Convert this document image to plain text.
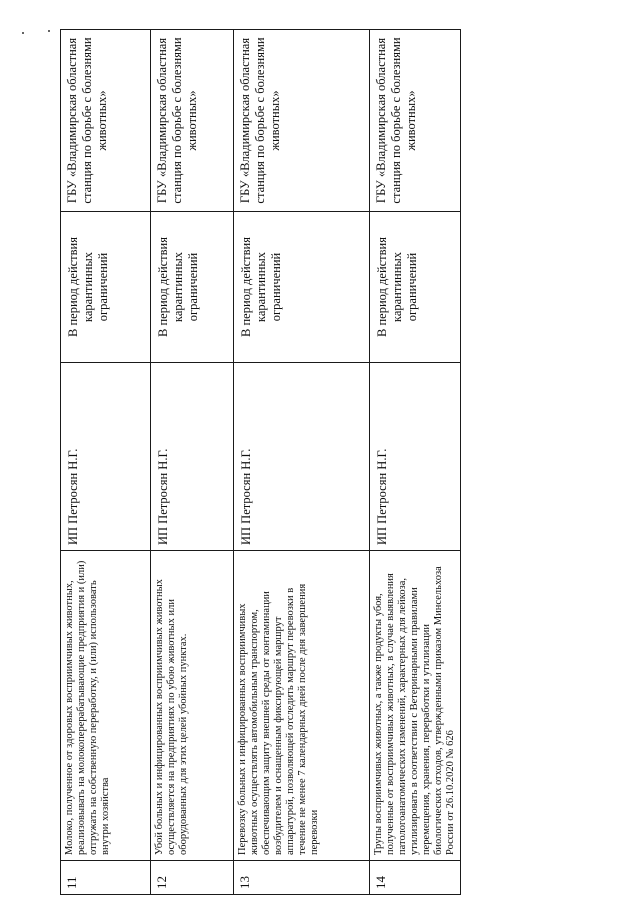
11	Молоко, полученное от здоровых восприимчивых животных, реализовывать на молокоперерабатывающие предприятия и (или) отгружать на собственную переработку, и (или) использовать внутри хозяйства	ИП Петросян Н.Г.	В период действия карантинных ограничений	ГБУ «Владимирская областная станция по борьбе с болезнями животных»
12	Убой больных и инфицированных восприимчивых животных осуществляется на предприятиях по убою животных или оборудованных для этих целей убойных пунктах.	ИП Петросян Н.Г.	В период действия карантинных ограничений	ГБУ «Владимирская областная станция по борьбе с болезнями животных»
13	Перевозку больных и инфицированных восприимчивых животных осуществлять автомобильным транспортом, обеспечивающим защиту внешней среды от контаминации возбудителем и оснащенным фиксирующей маршрут аппаратурой, позволяющей отследить маршрут перевозки в течение не менее 7 календарных дней после дня завершения перевозки	ИП Петросян Н.Г.	В период действия карантинных ограничений	ГБУ «Владимирская областная станция по борьбе с болезнями животных»
14	Трупы восприимчивых животных, а также продукты убоя, полученные от восприимчивых животных, в случае выявления патологоанатомических изменений, характерных для лейкоза, утилизировать в соответствии с Ветеринарными правилами перемещения, хранения, переработки и утилизации биологических отходов, утвержденными приказом Минсельхоза России от 26.10.2020 № 626	ИП Петросян Н.Г.	В период действия карантинных ограничений	ГБУ «Владимирская областная станция по борьбе с болезнями животных»
